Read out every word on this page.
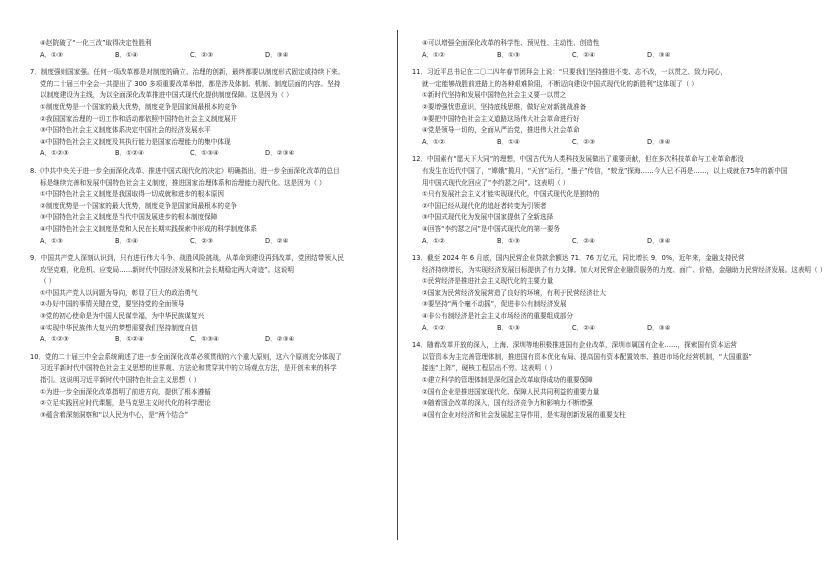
④赵院破了“一化三改”取得决定性胜利
A．①③	B．①④	C．②③	D．③④
7．制度强则国家强。任何一项改革都是对制度的确立、治理的创新，最终都要以制度形式固定或持续下来。
党的二十届三中全会一共提出了 300 多项重要改革举措，都是涉及体制、机制、制度层面的内容。坚持
以制度建设为主线，为以全面深化改革推进中国式现代化提供制度保障。这是因为（ ）
①制度优势是一个国家的最大优势，制度竞争是国家间最根本的竞争
②我国国家治理的一切工作和活动都依照中国特色社会主义制度展开
③中国特色社会主义制度体系决定中国社会的经济发展水平
④中国特色社会主义制度及其执行能力是国家治理能力的集中体现
A．①②③	B．①②④	C．①③④	D．②③④
8.《中共中央关于进一步全面深化改革、推进中国式现代化的决定》明确指出，进一步全面深化改革的总目
标是继续完善和发展中国特色社会主义制度，推进国家治理体系和治理能力现代化。这是因为（ ）
①中国特色社会主义制度是我国取得一切成就和进步的根本原因
②制度优势是一个国家的最大优势，制度竞争是国家间最根本的竞争
③中国特色社会主义制度是当代中国发展进步的根本制度保障
④中国特色社会主义制度是党和人民在长期实践探索中形成的科学制度体系
A．①③	B．①④	C．②③	D．②④
9．中国共产党人深刻认识到，只有进行伟大斗争、战胜风险挑战，从革命到建设再到改革，党团结带领人民
攻坚克难，化危机、应变局……新时代中国经济发展和社会长期稳定两大奇迹”。这说明
（ ）
①中国共产党人以问题为导向，彰显了巨大的政治勇气
②办好中国的事情关键在党，要坚持党的全面领导
③党的初心使命是为中国人民谋幸福，为中华民族谋复兴
④实现中华民族伟大复兴的梦想需要我们坚持制度自信
A．①②③	B．①②④	C．①③④	D．②③④
10．党的二十届三中全会系统阐述了进一步全面深化改革必须贯彻的六个重大原则，这六个原则充分体现了
习近平新时代中国特色社会主义思想的世界观、方法论和贯穿其中的立场观点方法，是开创未来的科学
指引。这说明习近平新时代中国特色社会主义思想（ ）
①为进一步全面深化改革指明了前进方向，提供了根本遵循
②立足实践回应时代课题，是马克思主义时代化的科学理论
③蕴含着深刻洞察和“以人民为中心，是“两个结合”
④可以增强全面深化改革的科学性、预见性、主动性、创造性
A．①②	B．①③	C．②④	D．③④
11．习近平总书记在二〇二四年春节团拜会上说：“只要我们坚持推进不变、志不改，一以贯之、致力同心，
就一定能够战胜前进路上的各种艰难险阻，不断迈向建设中国式现代化的新胜利”这体现了（ ）
①新时代坚持和发展中国特色社会主义要一以贯之
②要增强忧患意识，坚持底线思维，做好应对新挑战准备
③要把中国特色社会主义道路这场伟大社会革命进行好
④党是领导一切的，全面从严治党，推进伟大社会革命
A．①②	B．①④	C．②③	D．③④
12．中国素有“愿天下大同”的理想，中国古代为人类科技发展做出了重要贡献，但在多次科技革命与工业革命都没
有发生在近代中国了，“嫦娥”揽月，“天宫”运行，“墨子”传信，“蛟龙”探海……今人已不再是……，以上成就在75年的新中国
用中国式现代化回应了“李约瑟之问”。这表明（ ）
①只有发展社会主义才能实现现代化，中国式现代化是独特的
②中国已经从现代化的追赶者转变为引领者
③中国式现代化为发展中国家提供了全新选择
④回答“李约瑟之问”是中国式现代化的第一要务
A．①②	B．①③	C．②④	D．③④
13．截至 2024 年 6 月底，国内民营企业贷款余额达 71．76 万亿元，同比增长 9．0%，近年来，金融支持民营
经济持续增长，为实现经济发展目标提供了有力支撑。加大对民营企业融资服务的力度、面广、价格，金融助力民营经济发展。这表明（ ）
①民营经济是推进社会主义现代化的主要力量
②国家为民营经济发展营造了良好的环境，有利于民营经济壮大
③要坚持“两个毫不动摇”，促进非公有制经济发展
④非公有制经济是社会主义市场经济的重要组成部分
A．①②	B．①③	C．②④	D．③④
14．随着改革开放的深入，上海、深圳等地积极推进国有企业改革，深圳市属国有企业……，探索国有资本运营
以管资本为主完善管理体制，推进国有资本优化布局、提高国有资本配置效率、推进市场化经营机制，“大国重器”
接连“上阵”，硬核工程层出不穷。这表明（ ）
①建立科学的管理体制是深化国企改革取得成功的重要保障
②国有企业是推进国家现代化、保障人民共同利益的重要力量
③随着国企改革的深入，国有经济竞争力和影响力不断增强
④国有企业对经济和社会发展起主导作用，是实现创新发展的重要支柱
